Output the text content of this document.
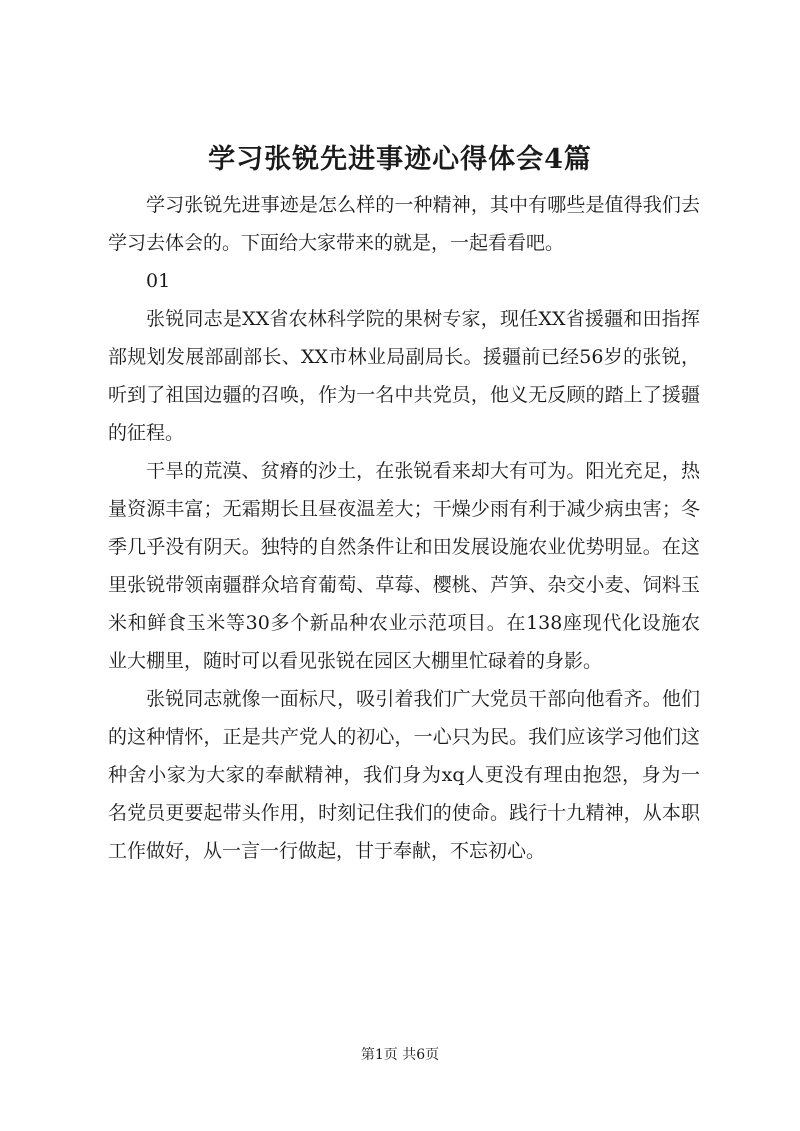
学习张锐先进事迹心得体会4篇

学习张锐先进事迹是怎么样的一种精神，其中有哪些是值得我们去学习去体会的。下面给大家带来的就是，一起看看吧。

01

张锐同志是XX省农林科学院的果树专家，现任XX省援疆和田指挥部规划发展部副部长、XX市林业局副局长。援疆前已经56岁的张锐，听到了祖国边疆的召唤，作为一名中共党员，他义无反顾的踏上了援疆的征程。

干旱的荒漠、贫瘠的沙土，在张锐看来却大有可为。阳光充足，热量资源丰富；无霜期长且昼夜温差大；干燥少雨有利于减少病虫害；冬季几乎没有阴天。独特的自然条件让和田发展设施农业优势明显。在这里张锐带领南疆群众培育葡萄、草莓、樱桃、芦笋、杂交小麦、饲料玉米和鲜食玉米等30多个新品种农业示范项目。在138座现代化设施农业大棚里，随时可以看见张锐在园区大棚里忙碌着的身影。

张锐同志就像一面标尺，吸引着我们广大党员干部向他看齐。他们的这种情怀，正是共产党人的初心，一心只为民。我们应该学习他们这种舍小家为大家的奉献精神，我们身为xq人更没有理由抱怨，身为一名党员更要起带头作用，时刻记住我们的使命。践行十九精神，从本职工作做好，从一言一行做起，甘于奉献，不忘初心。

第1页 共6页
